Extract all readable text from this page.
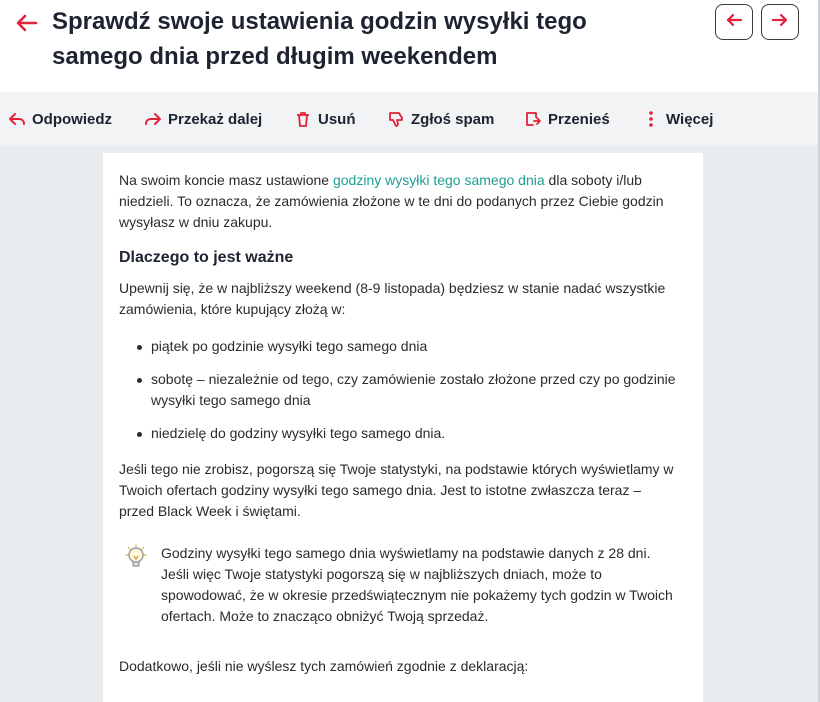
Sprawdź swoje ustawienia godzin wysyłki tego samego dnia przed długim weekendem
Odpowiedz	Przekaż dalej	Usuń	Zgłoś spam	Przenieś	Więcej

Na swoim koncie masz ustawione godziny wysyłki tego samego dnia dla soboty i/lub niedzieli. To oznacza, że zamówienia złożone w te dni do podanych przez Ciebie godzin wysyłasz w dniu zakupu.

Dlaczego to jest ważne

Upewnij się, że w najbliższy weekend (8-9 listopada) będziesz w stanie nadać wszystkie zamówienia, które kupujący złożą w:

piątek po godzinie wysyłki tego samego dnia
sobotę – niezależnie od tego, czy zamówienie zostało złożone przed czy po godzinie wysyłki tego samego dnia
niedzielę do godziny wysyłki tego samego dnia.

Jeśli tego nie zrobisz, pogorszą się Twoje statystyki, na podstawie których wyświetlamy w Twoich ofertach godziny wysyłki tego samego dnia. Jest to istotne zwłaszcza teraz – przed Black Week i świętami.

Godziny wysyłki tego samego dnia wyświetlamy na podstawie danych z 28 dni. Jeśli więc Twoje statystyki pogorszą się w najbliższych dniach, może to spowodować, że w okresie przedświątecznym nie pokażemy tych godzin w Twoich ofertach. Może to znacząco obniżyć Twoją sprzedaż.

Dodatkowo, jeśli nie wyślesz tych zamówień zgodnie z deklaracją:
